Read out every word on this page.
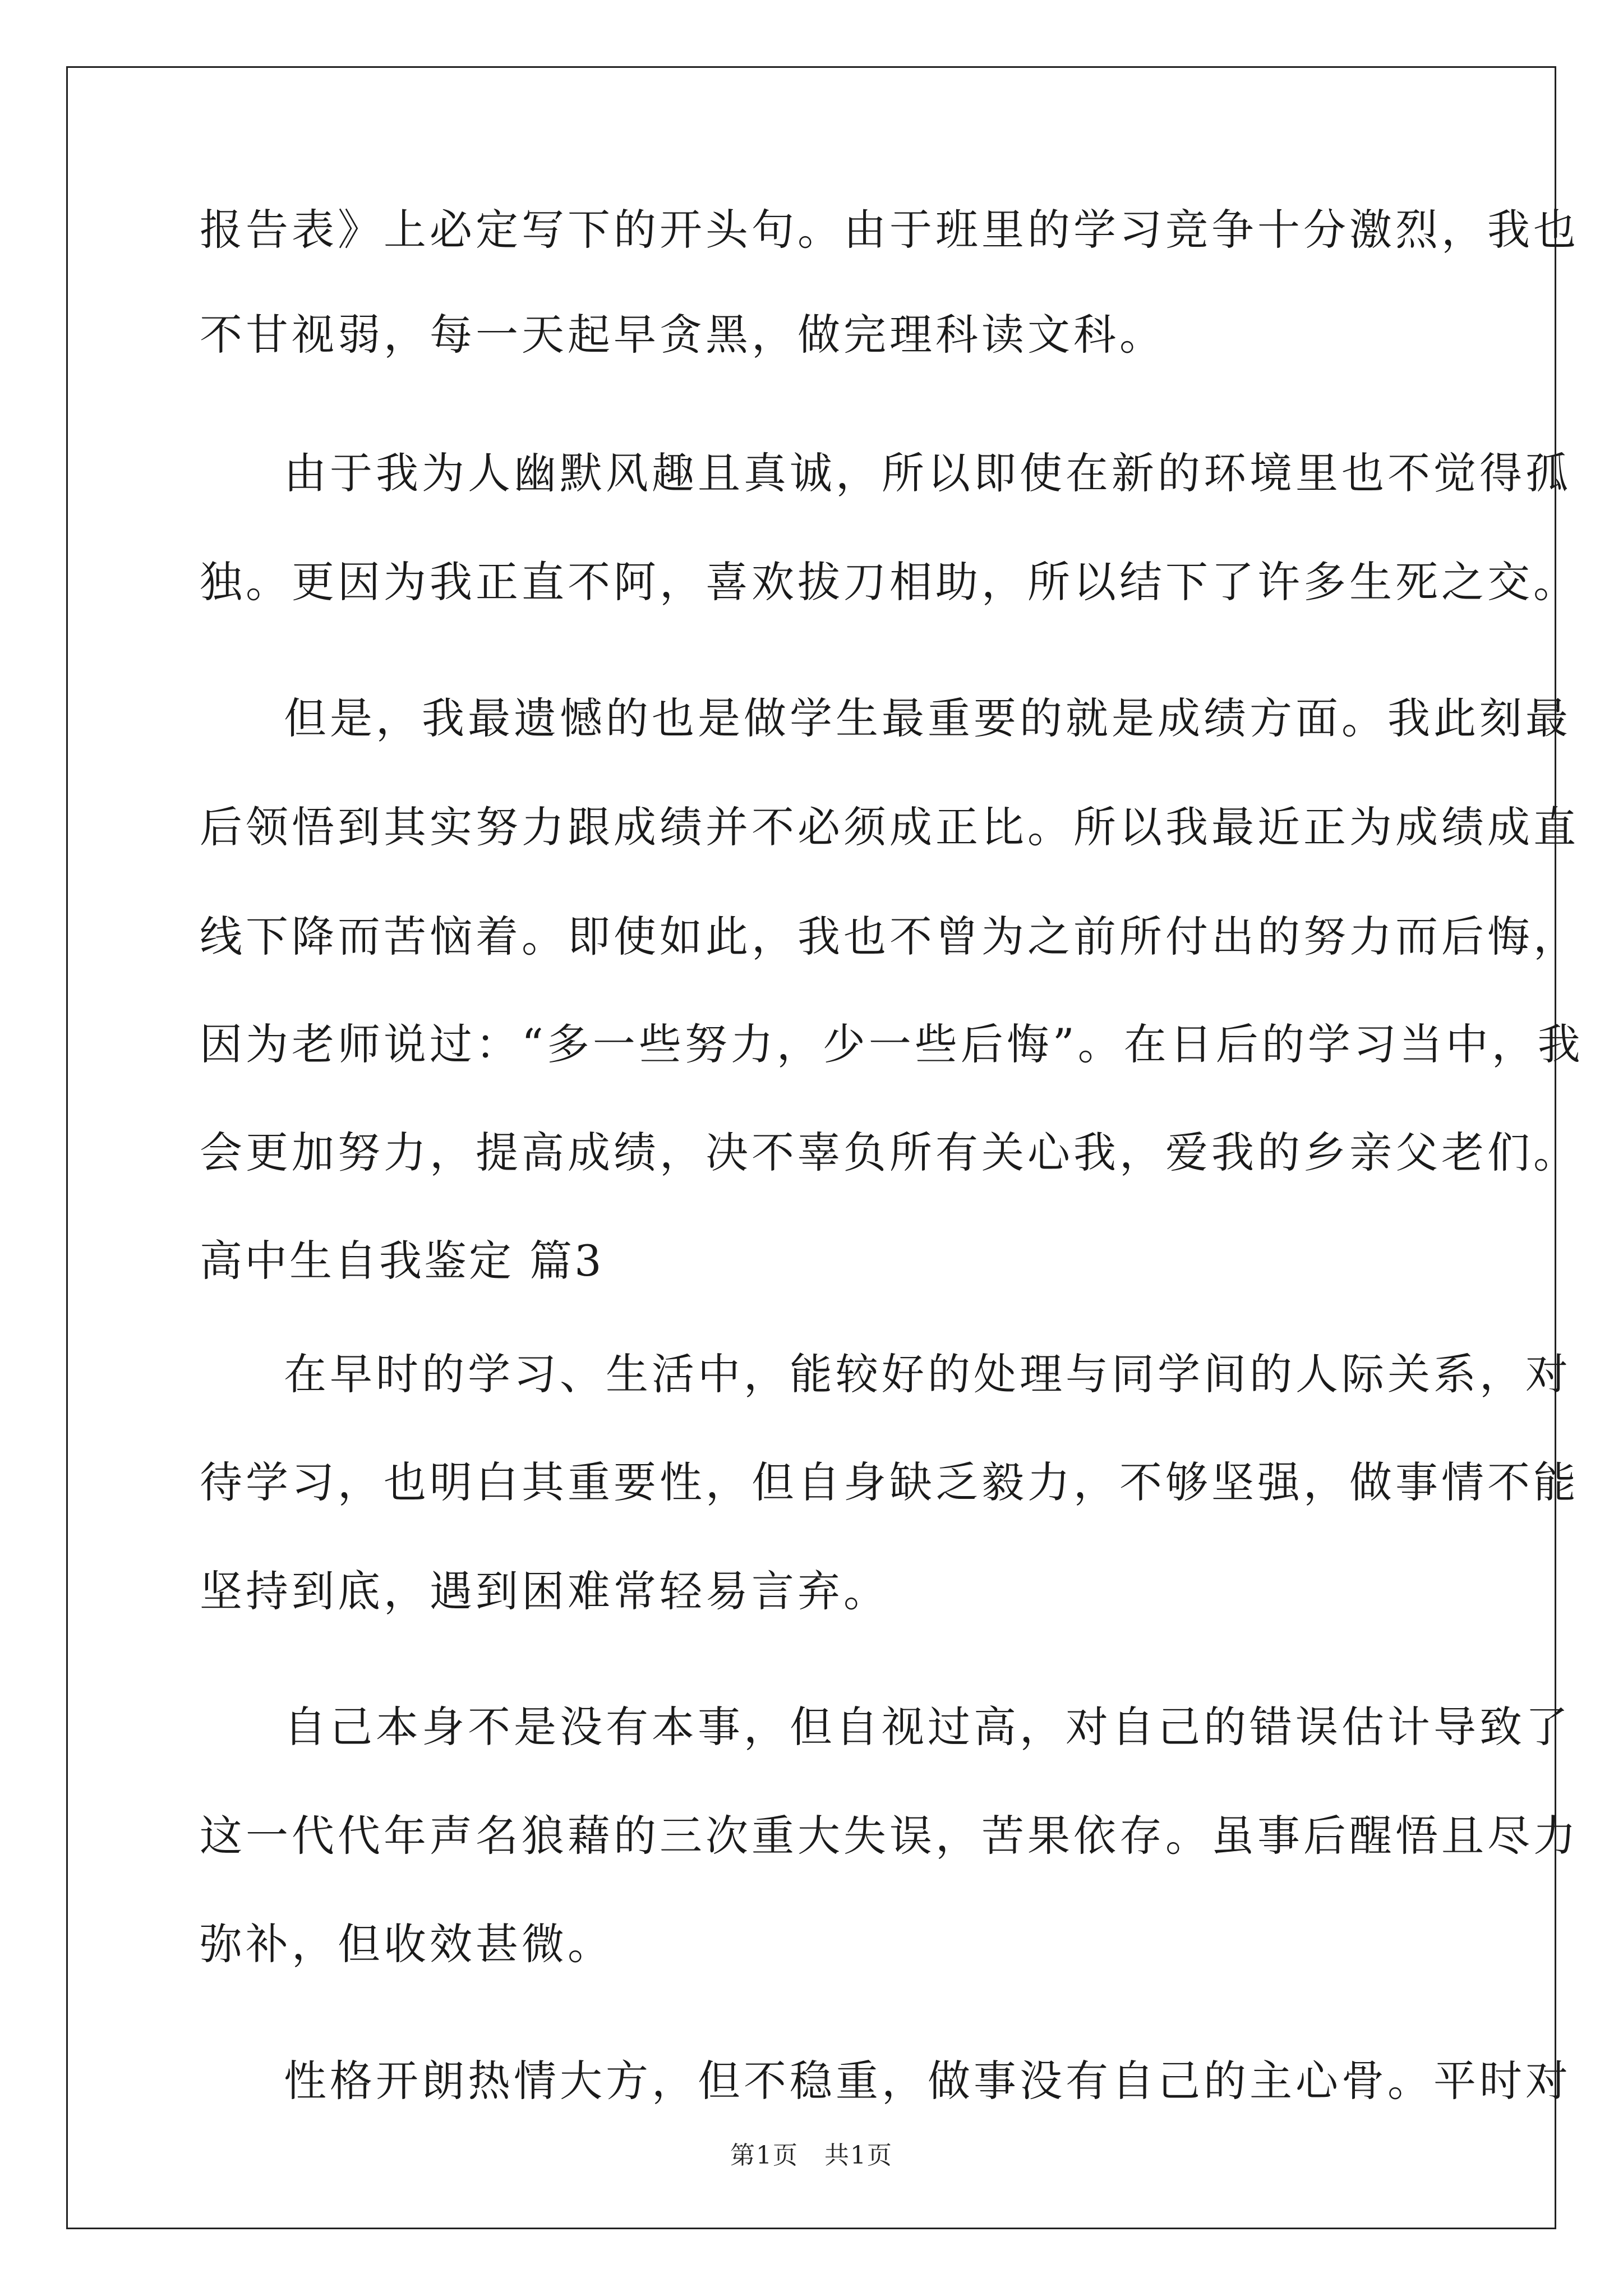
报告表》上必定写下的开头句。由于班里的学习竞争十分激烈，我也
不甘视弱，每一天起早贪黑，做完理科读文科。
由于我为人幽默风趣且真诚，所以即使在新的环境里也不觉得孤
独。更因为我正直不阿，喜欢拔刀相助，所以结下了许多生死之交。
但是，我最遗憾的也是做学生最重要的就是成绩方面。我此刻最
后领悟到其实努力跟成绩并不必须成正比。所以我最近正为成绩成直
线下降而苦恼着。即使如此，我也不曾为之前所付出的努力而后悔，
因为老师说过：“多一些努力，少一些后悔”。在日后的学习当中，我
会更加努力，提高成绩，决不辜负所有关心我，爱我的乡亲父老们。
高中生自我鉴定 篇3
在早时的学习、生活中，能较好的处理与同学间的人际关系，对
待学习，也明白其重要性，但自身缺乏毅力，不够坚强，做事情不能
坚持到底，遇到困难常轻易言弃。
自己本身不是没有本事，但自视过高，对自己的错误估计导致了
这一代代年声名狼藉的三次重大失误，苦果依存。虽事后醒悟且尽力
弥补，但收效甚微。
性格开朗热情大方，但不稳重，做事没有自己的主心骨。平时对
第1页　共1页
